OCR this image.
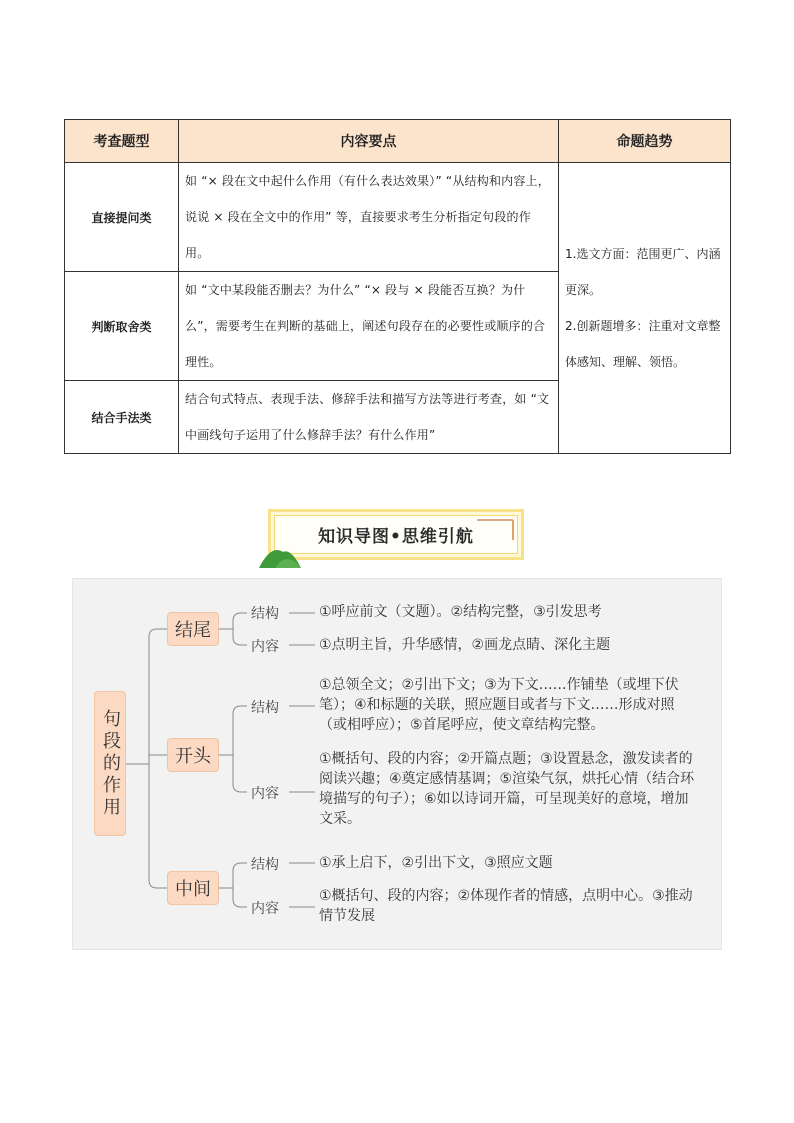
考查题型	内容要点	命题趋势
直接提问类	如 “× 段在文中起什么作用（有什么表达效果）” “从结构和内容上，说说 × 段在全文中的作用” 等，直接要求考生分析指定句段的作用。	1.选文方面：范围更广、内涵更深。

2.创新题增多：注重对文章整体感知、理解、领悟。

判断取舍类	如 “文中某段能否删去？为什么” “× 段与 × 段能否互换？为什么”，需要考生在判断的基础上，阐述句段存在的必要性或顺序的合理性。	
结合手法类	结合句式特点、表现手法、修辞手法和描写方法等进行考查，如 “文中画线句子运用了什么修辞手法？有什么作用”	
知识导图•思维引航
句段的作用
结尾
结构	①呼应前文（文题）。②结构完整，③引发思考
内容	①点明主旨，升华感情，②画龙点睛、深化主题
开头
结构
①总领全文；②引出下文；③为下文……作铺垫（或埋下伏笔）；④和标题的关联，照应题目或者与下文……形成对照（或相呼应）；⑤首尾呼应，使文章结构完整。
内容
①概括句、段的内容；②开篇点题；③设置悬念，激发读者的阅读兴趣；④奠定感情基调；⑤渲染气氛，烘托心情（结合环境描写的句子）；⑥如以诗词开篇，可呈现美好的意境，增加文采。
中间
结构	①承上启下，②引出下文，③照应文题
内容
①概括句、段的内容；②体现作者的情感，点明中心。③推动情节发展
